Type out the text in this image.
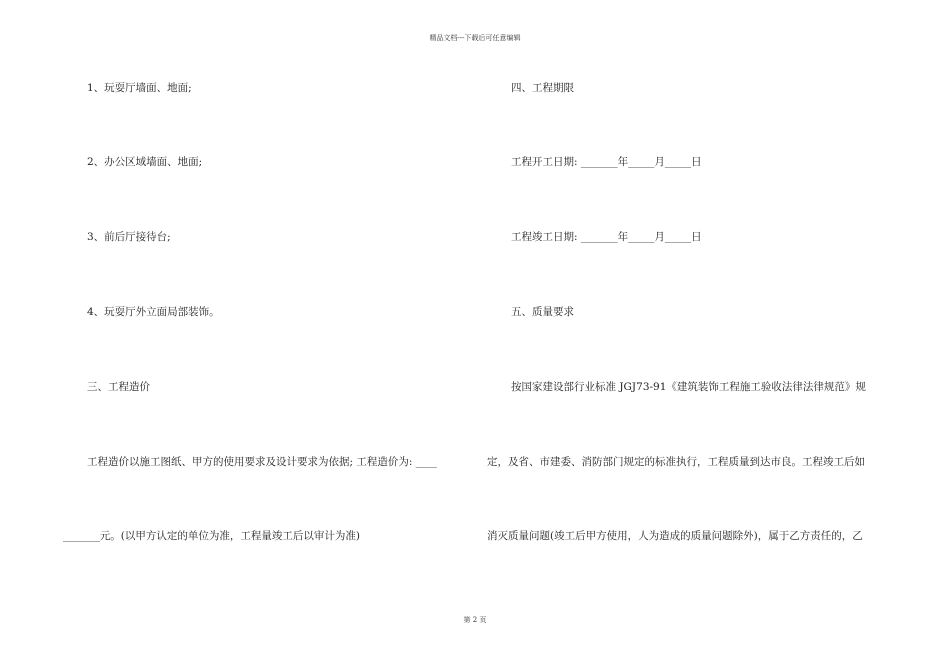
精品文档---下载后可任意编辑
1、玩耍厅墙面、地面;
2、办公区域墙面、地面;
3、前后厅接待台;
4、玩耍厅外立面局部装饰。
三、工程造价
工程造价以施工图纸、甲方的使用要求及设计要求为依据; 工程造价为: ____
_______元。(以甲方认定的单位为准，工程量竣工后以审计为准)
四、工程期限
工程开工日期: _______年_____月_____日
工程竣工日期: _______年_____月_____日
五、质量要求
按国家建设部行业标准 JGJ73-91《建筑装饰工程施工验收法律法律规范》规
定，及省、市建委、消防部门规定的标准执行，工程质量到达市良。工程竣工后如
消灭质量问题(竣工后甲方使用，人为造成的质量问题除外)，属于乙方责任的，乙
第 2 页
